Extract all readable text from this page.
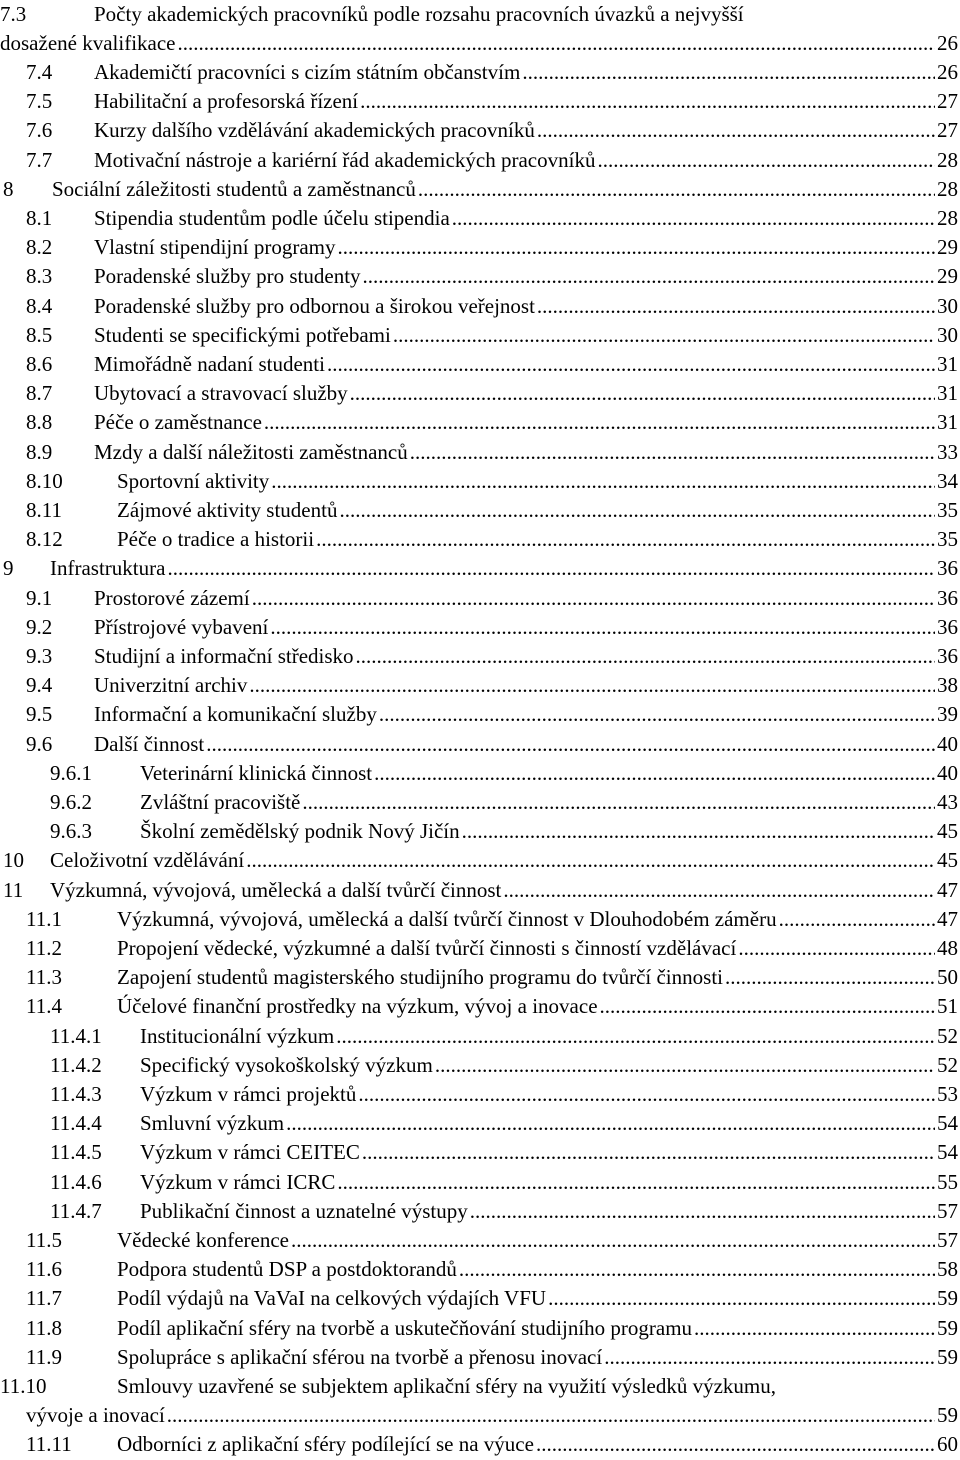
7.3	Počty akademických pracovníků podle rozsahu pracovních úvazků a nejvyšší
dosažené kvalifikace .....	26
7.4 Akademičtí pracovníci s cizím státním občanstvím .....	26
7.5 Habilitační a profesorská řízení .....	27
7.6 Kurzy dalšího vzdělávání akademických pracovníků .....	27
7.7 Motivační nástroje a kariérní řád akademických pracovníků .....	28
8 Sociální záležitosti studentů a zaměstnanců .....	28
8.1 Stipendia studentům podle účelu stipendia .....	28
8.2 Vlastní stipendijní programy .....	29
8.3 Poradenské služby pro studenty .....	29
8.4 Poradenské služby pro odbornou a širokou veřejnost .....	30
8.5 Studenti se specifickými potřebami .....	30
8.6 Mimořádně nadaní studenti .....	31
8.7 Ubytovací a stravovací služby .....	31
8.8 Péče o zaměstnance .....	31
8.9 Mzdy a další náležitosti zaměstnanců .....	33
8.10	Sportovní aktivity .....	34
8.11	Zájmové aktivity studentů .....	35
8.12	Péče o tradice a historii .....	35
9 Infrastruktura .....	36
9.1 Prostorové zázemí .....	36
9.2 Přístrojové vybavení .....	36
9.3 Studijní a informační středisko .....	36
9.4 Univerzitní archiv .....	38
9.5 Informační a komunikační služby .....	39
9.6 Další činnost .....	40
9.6.1 Veterinární klinická činnost .....	40
9.6.2 Zvláštní pracoviště .....	43
9.6.3 Školní zemědělský podnik Nový Jičín .....	45
10 Celoživotní vzdělávání .....	45
11 Výzkumná, vývojová, umělecká a další tvůrčí činnost .....	47
11.1	Výzkumná, vývojová, umělecká a další tvůrčí činnost v Dlouhodobém záměru .....	47
11.2	Propojení vědecké, výzkumné a další tvůrčí činnosti s činností vzdělávací .....	48
11.3	Zapojení studentů magisterského studijního programu do tvůrčí činnosti .....	50
11.4	Účelové finanční prostředky na výzkum, vývoj a inovace .....	51
11.4.1 Institucionální výzkum .....	52
11.4.2 Specifický vysokoškolský výzkum .....	52
11.4.3 Výzkum v rámci projektů .....	53
11.4.4 Smluvní výzkum .....	54
11.4.5 Výzkum v rámci CEITEC .....	54
11.4.6 Výzkum v rámci ICRC .....	55
11.4.7 Publikační činnost a uznatelné výstupy .....	57
11.5	Vědecké konference .....	57
11.6	Podpora studentů DSP a postdoktorandů .....	58
11.7	Podíl výdajů na VaVaI na celkových výdajích VFU .....	59
11.8	Podíl aplikační sféry na tvorbě a uskutečňování studijního programu .....	59
11.9	Spolupráce s aplikační sférou na tvorbě a přenosu inovací .....	59
11.10	Smlouvy uzavřené se subjektem aplikační sféry na využití výsledků výzkumu,
vývoje a inovací .....	59
11.11 Odborníci z aplikační sféry podílející se na výuce .....	60
